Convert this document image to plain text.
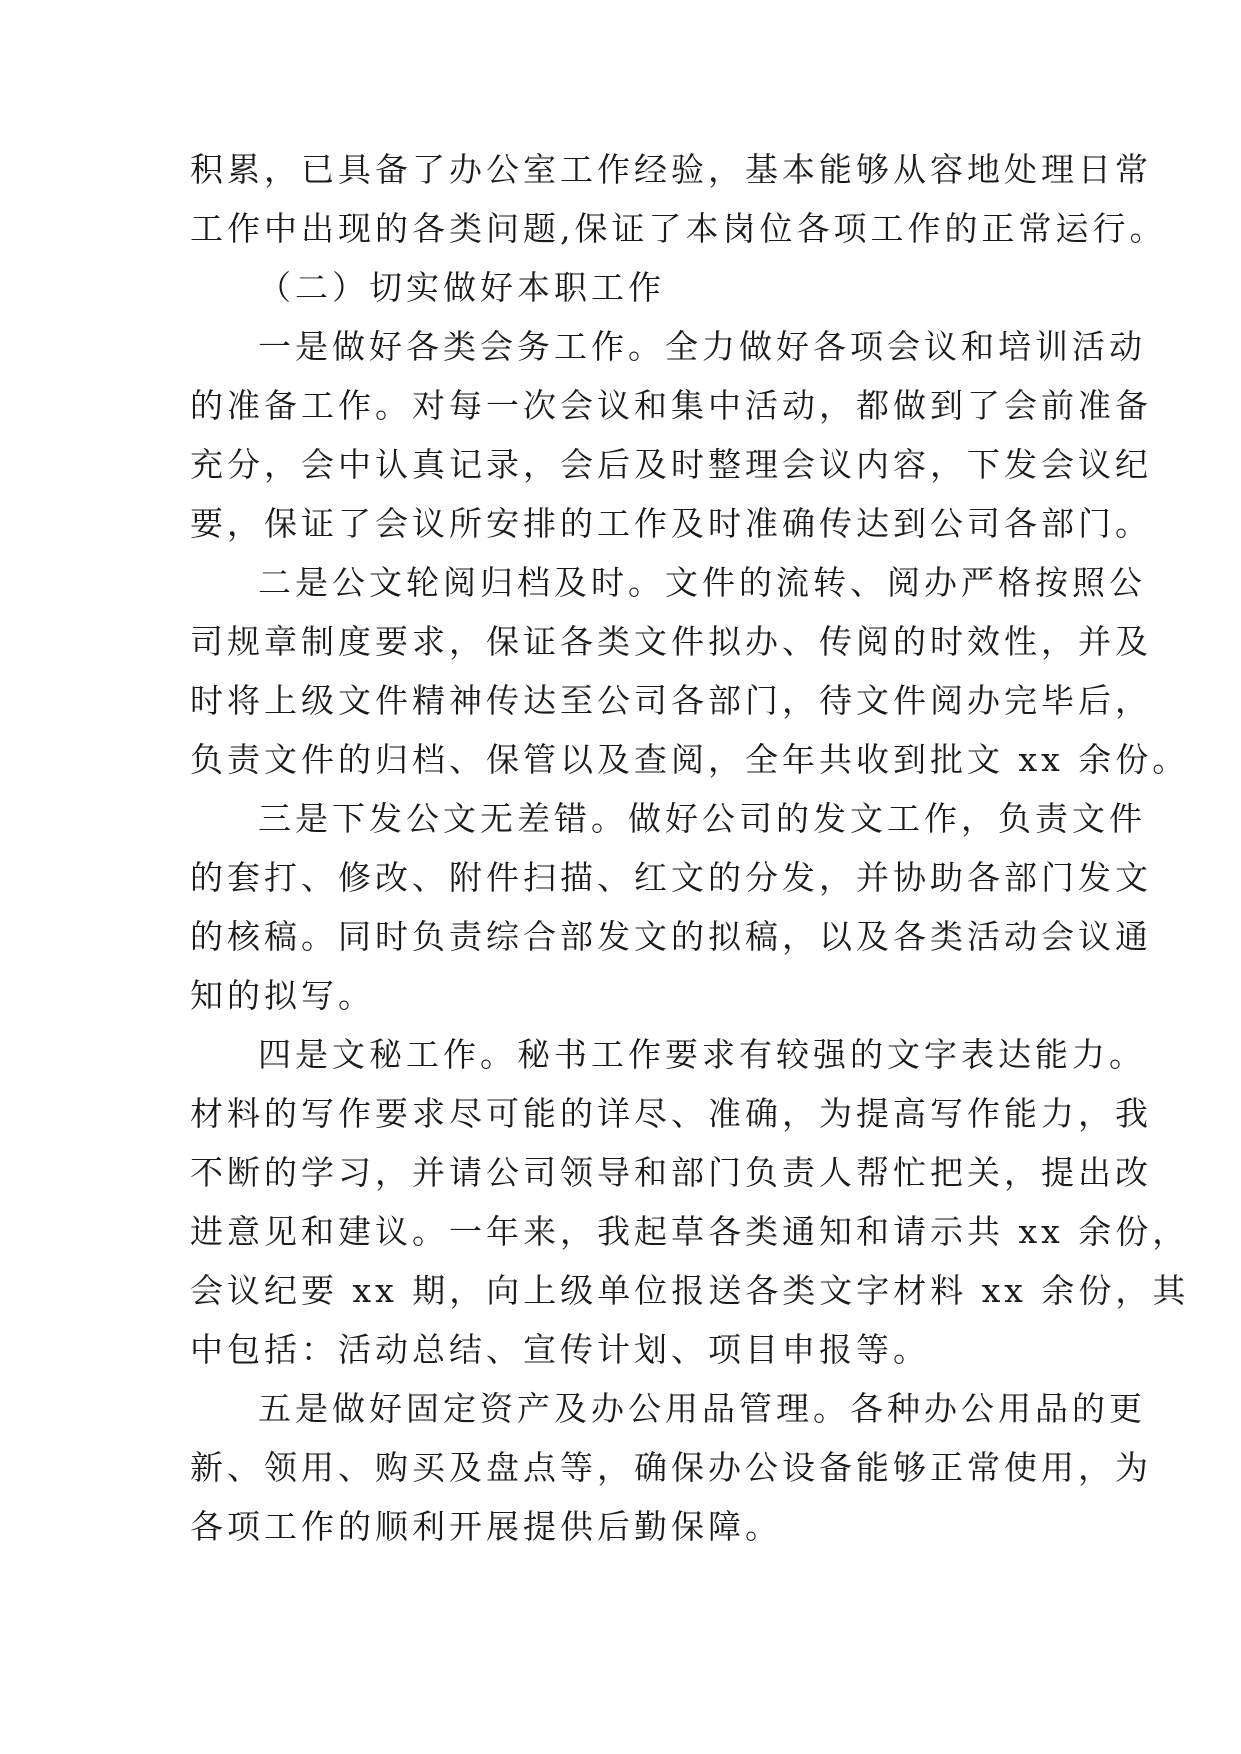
积累，已具备了办公室工作经验，基本能够从容地处理日常
工作中出现的各类问题,保证了本岗位各项工作的正常运行。
（二）切实做好本职工作
一是做好各类会务工作。全力做好各项会议和培训活动
的准备工作。对每一次会议和集中活动，都做到了会前准备
充分，会中认真记录，会后及时整理会议内容，下发会议纪
要，保证了会议所安排的工作及时准确传达到公司各部门。
二是公文轮阅归档及时。文件的流转、阅办严格按照公
司规章制度要求，保证各类文件拟办、传阅的时效性，并及
时将上级文件精神传达至公司各部门，待文件阅办完毕后，
负责文件的归档、保管以及查阅，全年共收到批文 xx 余份。
三是下发公文无差错。做好公司的发文工作，负责文件
的套打、修改、附件扫描、红文的分发，并协助各部门发文
的核稿。同时负责综合部发文的拟稿，以及各类活动会议通
知的拟写。
四是文秘工作。秘书工作要求有较强的文字表达能力。
材料的写作要求尽可能的详尽、准确，为提高写作能力，我
不断的学习，并请公司领导和部门负责人帮忙把关，提出改
进意见和建议。一年来，我起草各类通知和请示共 xx 余份，
会议纪要 xx 期，向上级单位报送各类文字材料 xx 余份，其
中包括：活动总结、宣传计划、项目申报等。
五是做好固定资产及办公用品管理。各种办公用品的更
新、领用、购买及盘点等，确保办公设备能够正常使用，为
各项工作的顺利开展提供后勤保障。
